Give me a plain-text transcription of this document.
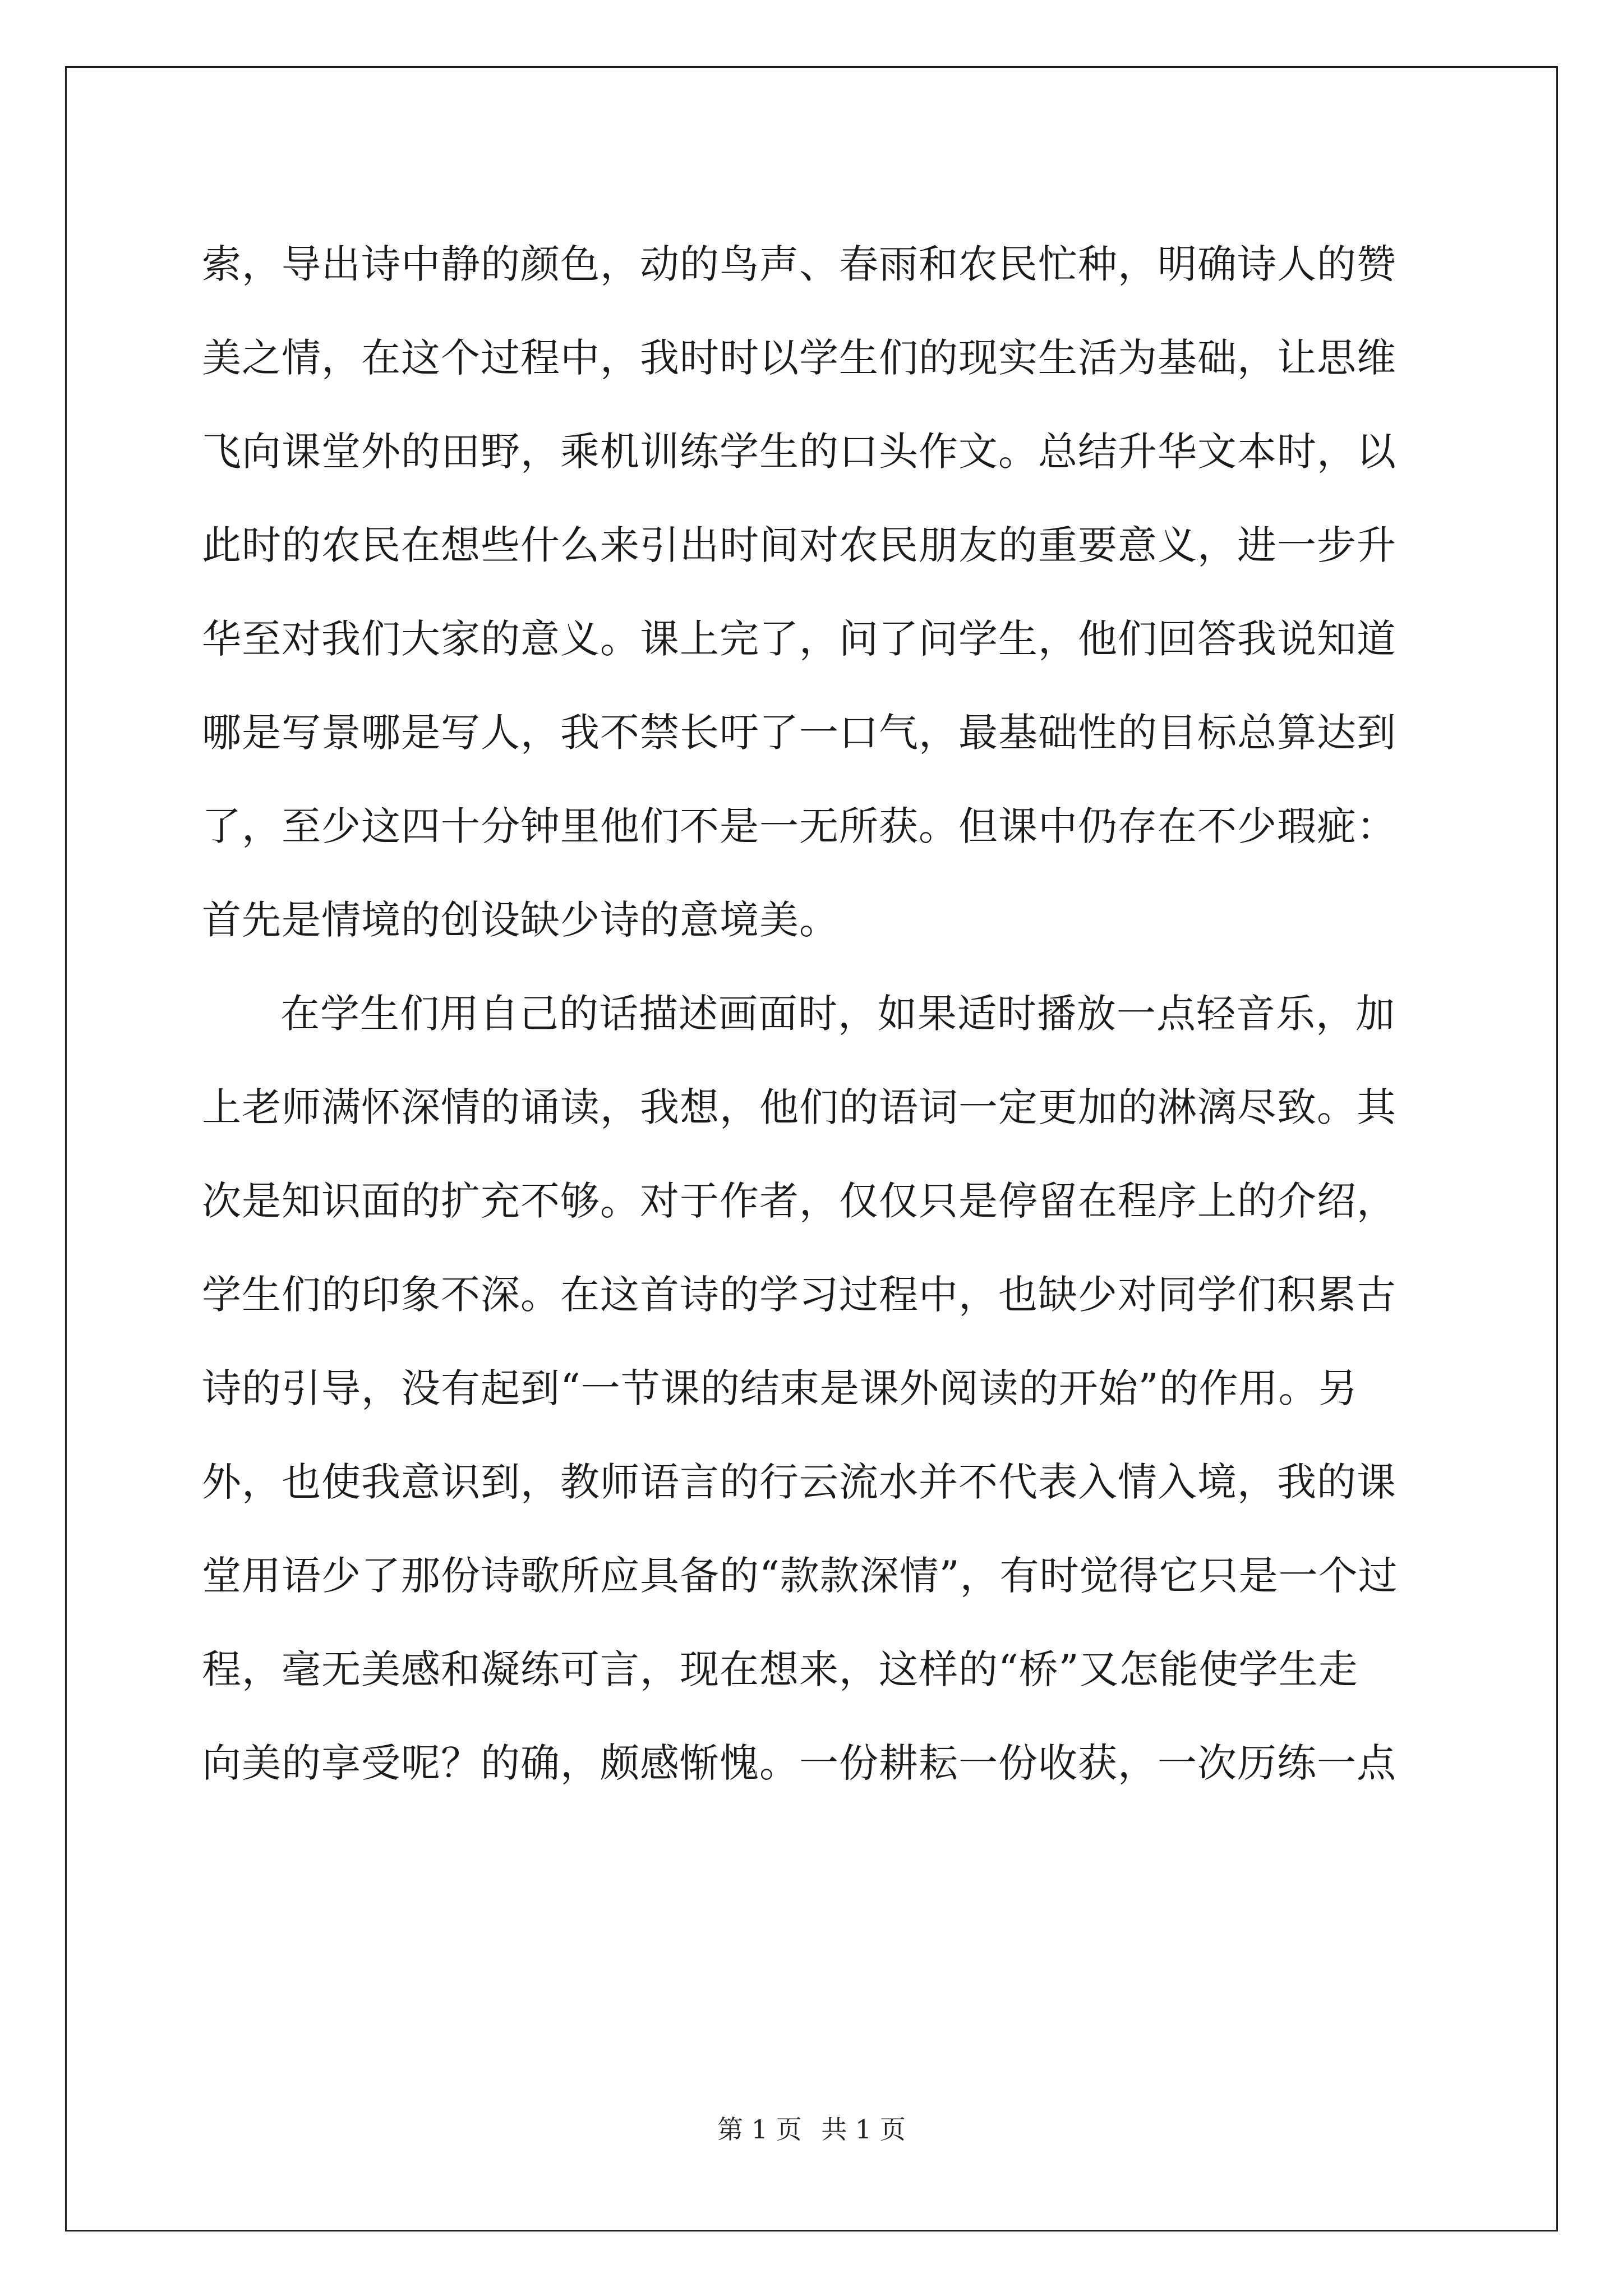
索，导出诗中静的颜色，动的鸟声、春雨和农民忙种，明确诗人的赞
美之情，在这个过程中，我时时以学生们的现实生活为基础，让思维
飞向课堂外的田野，乘机训练学生的口头作文。总结升华文本时，以
此时的农民在想些什么来引出时间对农民朋友的重要意义，进一步升
华至对我们大家的意义。课上完了，问了问学生，他们回答我说知道
哪是写景哪是写人，我不禁长吁了一口气，最基础性的目标总算达到
了，至少这四十分钟里他们不是一无所获。但课中仍存在不少瑕疵：
首先是情境的创设缺少诗的意境美。

在学生们用自己的话描述画面时，如果适时播放一点轻音乐，加
上老师满怀深情的诵读，我想，他们的语词一定更加的淋漓尽致。其
次是知识面的扩充不够。对于作者，仅仅只是停留在程序上的介绍，
学生们的印象不深。在这首诗的学习过程中，也缺少对同学们积累古
诗的引导，没有起到“一节课的结束是课外阅读的开始”的作用。另
外，也使我意识到，教师语言的行云流水并不代表入情入境，我的课
堂用语少了那份诗歌所应具备的“款款深情”，有时觉得它只是一个过
程，毫无美感和凝练可言，现在想来，这样的“桥”又怎能使学生走
向美的享受呢？的确，颇感惭愧。一份耕耘一份收获，一次历练一点

第 1 页 共 1 页
